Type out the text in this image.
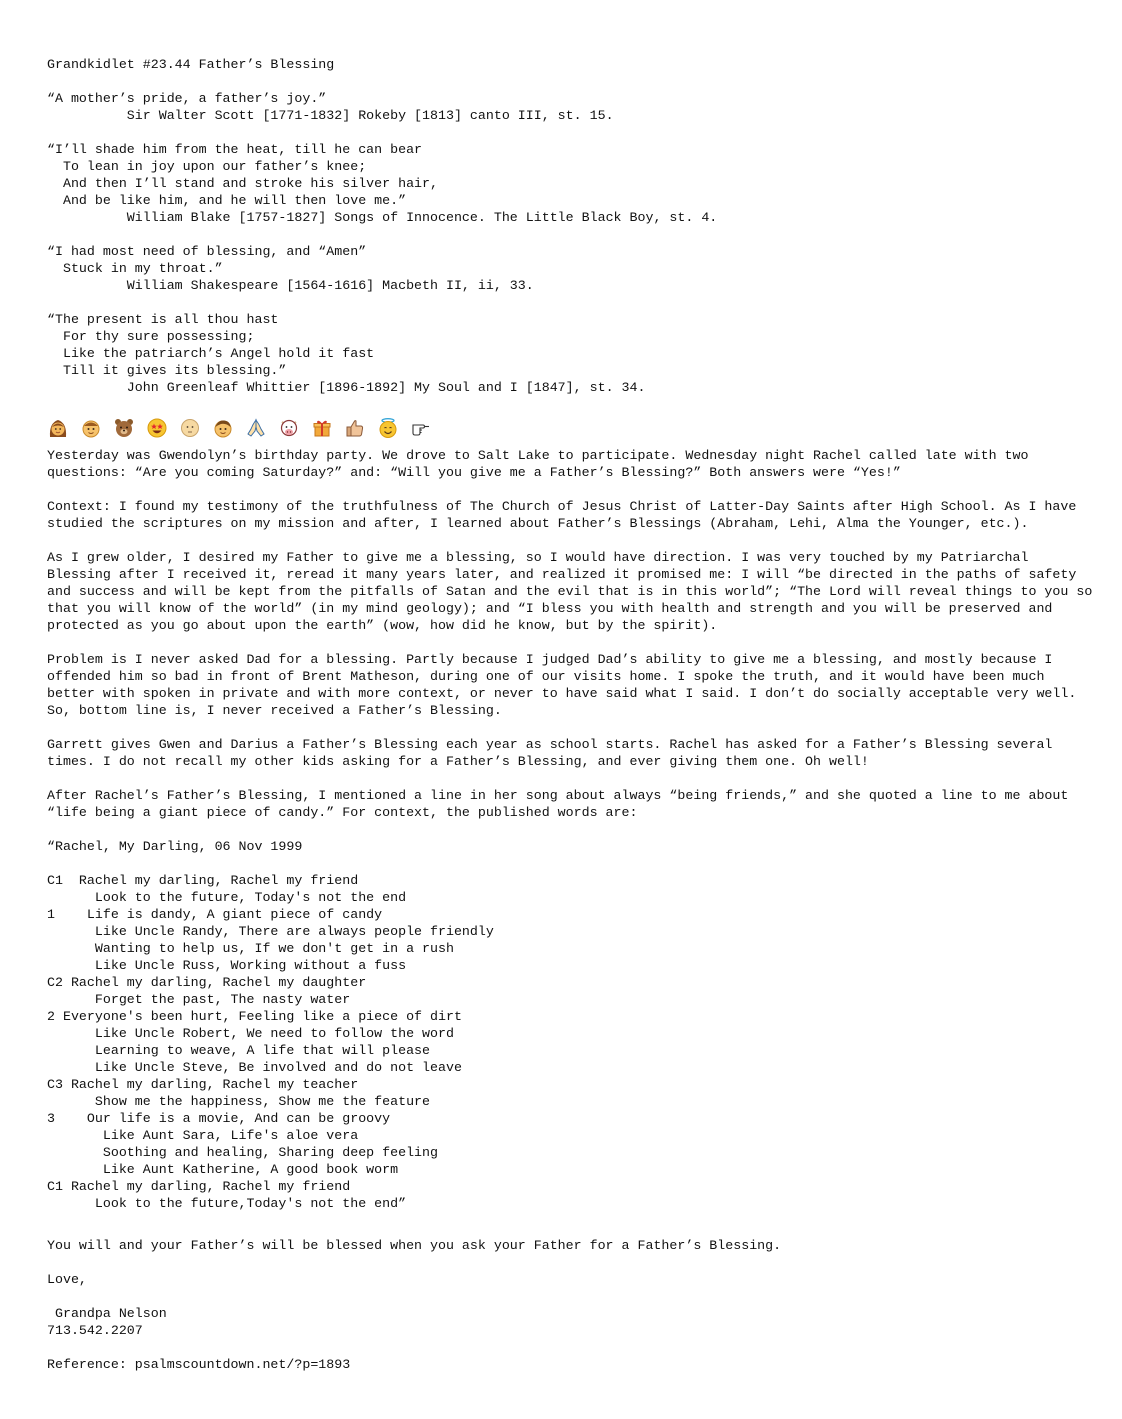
Grandkidlet #23.44 Father’s Blessing
“A mother’s pride, a father’s joy.”
Sir Walter Scott [1771-1832] Rokeby [1813] canto III, st. 15.
“I’ll shade him from the heat, till he can bear
To lean in joy upon our father’s knee;
And then I’ll stand and stroke his silver hair,
And be like him, and he will then love me.”
William Blake [1757-1827] Songs of Innocence. The Little Black Boy, st. 4.
“I had most need of blessing, and “Amen”
Stuck in my throat.”
William Shakespeare [1564-1616] Macbeth II, ii, 33.
“The present is all thou hast
For thy sure possessing;
Like the patriarch’s Angel hold it fast
Till it gives its blessing.”
John Greenleaf Whittier [1896-1892] My Soul and I [1847], st. 34.
Yesterday was Gwendolyn’s birthday party. We drove to Salt Lake to participate. Wednesday night Rachel called late with two questions: “Are you coming Saturday?” and: “Will you give me a Father’s Blessing?” Both answers were “Yes!”
Context: I found my testimony of the truthfulness of The Church of Jesus Christ of Latter-Day Saints after High School. As I have studied the scriptures on my mission and after, I learned about Father’s Blessings (Abraham, Lehi, Alma the Younger, etc.).
As I grew older, I desired my Father to give me a blessing, so I would have direction. I was very touched by my Patriarchal Blessing after I received it, reread it many years later, and realized it promised me: I will “be directed in the paths of safety and success and will be kept from the pitfalls of Satan and the evil that is in this world”; “The Lord will reveal things to you so that you will know of the world” (in my mind geology); and “I bless you with health and strength and you will be preserved and protected as you go about upon the earth” (wow, how did he know, but by the spirit).
Problem is I never asked Dad for a blessing. Partly because I judged Dad’s ability to give me a blessing, and mostly because I offended him so bad in front of Brent Matheson, during one of our visits home. I spoke the truth, and it would have been much better with spoken in private and with more context, or never to have said what I said. I don’t do socially acceptable very well. So, bottom line is, I never received a Father’s Blessing.
Garrett gives Gwen and Darius a Father’s Blessing each year as school starts. Rachel has asked for a Father’s Blessing several times. I do not recall my other kids asking for a Father’s Blessing, and ever giving them one. Oh well!
After Rachel’s Father’s Blessing, I mentioned a line in her song about always “being friends,” and she quoted a line to me about “life being a giant piece of candy.” For context, the published words are:
“Rachel, My Darling, 06 Nov 1999
C1  Rachel my darling, Rachel my friend
Look to the future, Today's not the end
1    Life is dandy, A giant piece of candy
Like Uncle Randy, There are always people friendly
Wanting to help us, If we don't get in a rush
Like Uncle Russ, Working without a fuss
C2 Rachel my darling, Rachel my daughter
Forget the past, The nasty water
2 Everyone's been hurt, Feeling like a piece of dirt
Like Uncle Robert, We need to follow the word
Learning to weave, A life that will please
Like Uncle Steve, Be involved and do not leave
C3 Rachel my darling, Rachel my teacher
Show me the happiness, Show me the feature
3    Our life is a movie, And can be groovy
Like Aunt Sara, Life's aloe vera
Soothing and healing, Sharing deep feeling
Like Aunt Katherine, A good book worm
C1 Rachel my darling, Rachel my friend
Look to the future,Today's not the end”
You will and your Father’s will be blessed when you ask your Father for a Father’s Blessing.
Love,
Grandpa Nelson
713.542.2207
Reference: psalmscountdown.net/?p=1893
